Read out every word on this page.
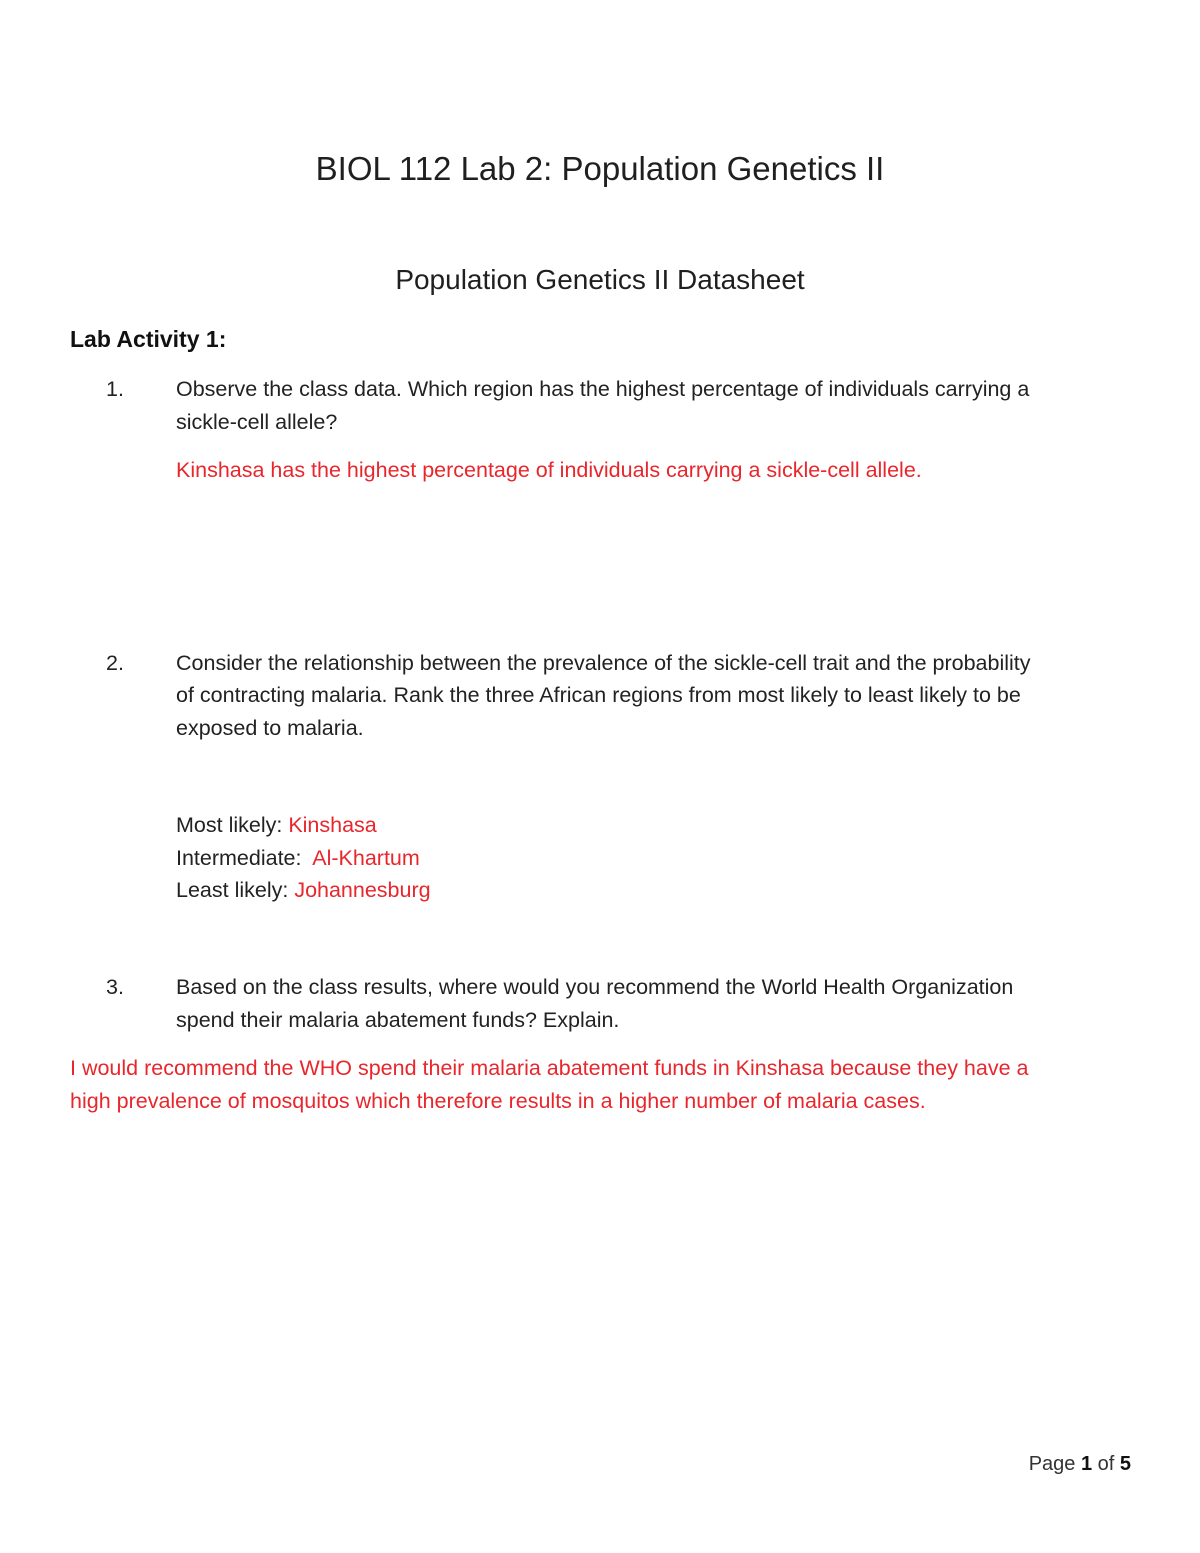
BIOL 112 Lab 2: Population Genetics II
Population Genetics II Datasheet
Lab Activity 1:
1. Observe the class data. Which region has the highest percentage of individuals carrying a
sickle-cell allele?
Kinshasa has the highest percentage of individuals carrying a sickle-cell allele.
2. Consider the relationship between the prevalence of the sickle-cell trait and the probability
of contracting malaria. Rank the three African regions from most likely to least likely to be
exposed to malaria.
Most likely: Kinshasa
Intermediate:  Al-Khartum
Least likely: Johannesburg
3. Based on the class results, where would you recommend the World Health Organization
spend their malaria abatement funds? Explain.
I would recommend the WHO spend their malaria abatement funds in Kinshasa because they have a
high prevalence of mosquitos which therefore results in a higher number of malaria cases.
Page 1 of 5
